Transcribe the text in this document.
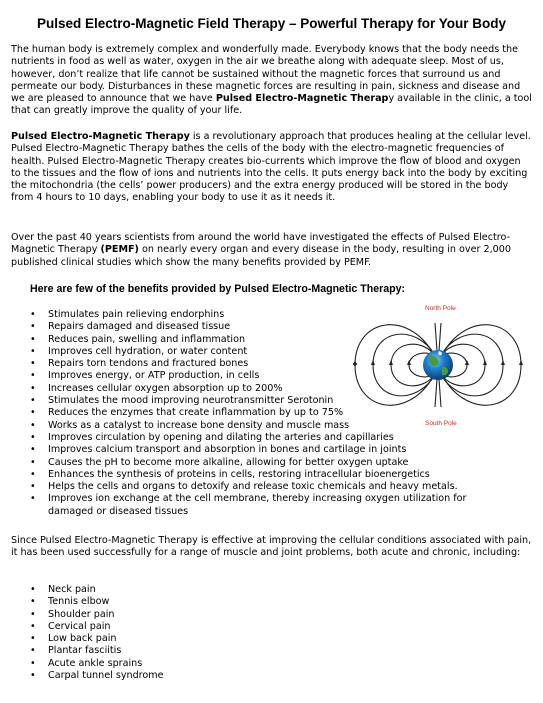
Pulsed Electro-Magnetic Field Therapy – Powerful Therapy for Your Body

The human body is extremely complex and wonderfully made. Everybody knows that the body needs the nutrients in food as well as water, oxygen in the air we breathe along with adequate sleep. Most of us, however, don’t realize that life cannot be sustained without the magnetic forces that surround us and permeate our body. Disturbances in these magnetic forces are resulting in pain, sickness and disease and we are pleased to announce that we have Pulsed Electro-Magnetic Therapy available in the clinic, a tool that can greatly improve the quality of your life.

Pulsed Electro-Magnetic Therapy is a revolutionary approach that produces healing at the cellular level. Pulsed Electro-Magnetic Therapy bathes the cells of the body with the electro-magnetic frequencies of health. Pulsed Electro-Magnetic Therapy creates bio-currents which improve the flow of blood and oxygen to the tissues and the flow of ions and nutrients into the cells. It puts energy back into the body by exciting the mitochondria (the cells’ power producers) and the extra energy produced will be stored in the body from 4 hours to 10 days, enabling your body to use it as it needs it.

Over the past 40 years scientists from around the world have investigated the effects of Pulsed Electro-Magnetic Therapy (PEMF) on nearly every organ and every disease in the body, resulting in over 2,000 published clinical studies which show the many benefits provided by PEMF.

Here are few of the benefits provided by Pulsed Electro-Magnetic Therapy:
• Stimulates pain relieving endorphins
• Repairs damaged and diseased tissue
• Reduces pain, swelling and inflammation
• Improves cell hydration, or water content
• Repairs torn tendons and fractured bones
• Improves energy, or ATP production, in cells
• Increases cellular oxygen absorption up to 200%
• Stimulates the mood improving neurotransmitter Serotonin
• Reduces the enzymes that create inflammation by up to 75%
• Works as a catalyst to increase bone density and muscle mass
• Improves circulation by opening and dilating the arteries and capillaries
• Improves calcium transport and absorption in bones and cartilage in joints
• Causes the pH to become more alkaline, allowing for better oxygen uptake
• Enhances the synthesis of proteins in cells, restoring intracellular bioenergetics
• Helps the cells and organs to detoxify and release toxic chemicals and heavy metals.
• Improves ion exchange at the cell membrane, thereby increasing oxygen utilization for damaged or diseased tissues
North Pole
South Pole

Since Pulsed Electro-Magnetic Therapy is effective at improving the cellular conditions associated with pain, it has been used successfully for a range of muscle and joint problems, both acute and chronic, including:

• Neck pain
• Tennis elbow
• Shoulder pain
• Cervical pain
• Low back pain
• Plantar fasciitis
• Acute ankle sprains
• Carpal tunnel syndrome
